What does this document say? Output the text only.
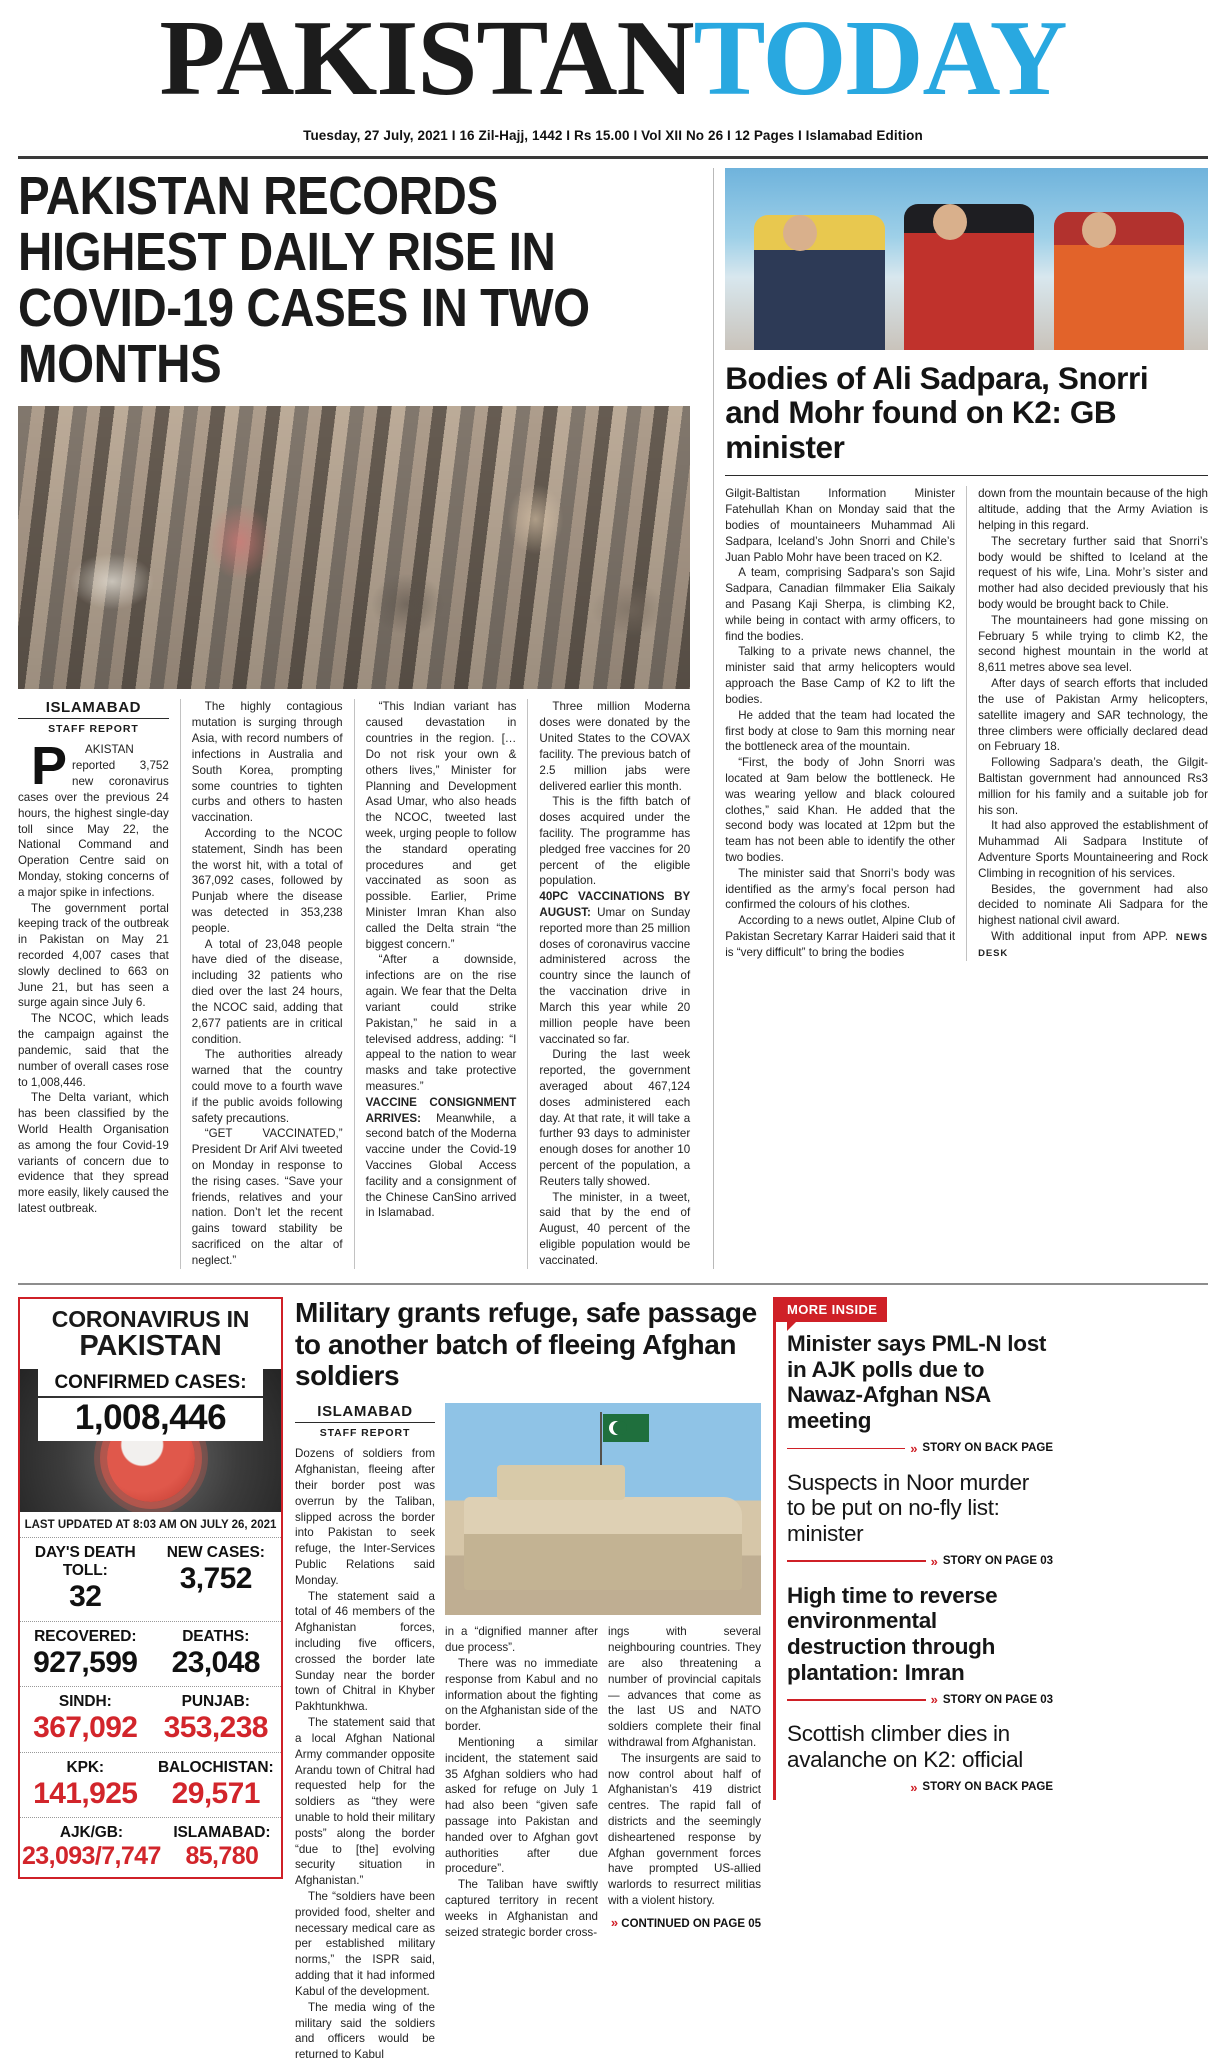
PAKISTANTODAY
Tuesday, 27 July, 2021 I 16 Zil-Hajj, 1442 I Rs 15.00 I Vol XII No 26 I 12 Pages I Islamabad Edition
PAKISTAN RECORDS HIGHEST DAILY RISE IN COVID-19 CASES IN TWO MONTHS
ISLAMABAD
STAFF REPORT

PAKISTAN reported 3,752 new coronavirus cases over the previous 24 hours, the highest single-day toll since May 22, the National Command and Operation Centre said on Monday, stoking concerns of a major spike in infections.

The government portal keeping track of the outbreak in Pakistan on May 21 recorded 4,007 cases that slowly declined to 663 on June 21, but has seen a surge again since July 6.

The NCOC, which leads the campaign against the pandemic, said that the number of overall cases rose to 1,008,446.

The Delta variant, which has been classified by the World Health Organisation as among the four Covid-19 variants of concern due to evidence that they spread more easily, likely caused the latest outbreak.

The highly contagious mutation is surging through Asia, with record numbers of infections in Australia and South Korea, prompting some countries to tighten curbs and others to hasten vaccination.

According to the NCOC statement, Sindh has been the worst hit, with a total of 367,092 cases, followed by Punjab where the disease was detected in 353,238 people.

A total of 23,048 people have died of the disease, including 32 patients who died over the last 24 hours, the NCOC said, adding that 2,677 patients are in critical condition.

The authorities already warned that the country could move to a fourth wave if the public avoids following safety precautions.

“GET VACCINATED,” President Dr Arif Alvi tweeted on Monday in response to the rising cases. “Save your friends, relatives and your nation. Don’t let the recent gains toward stability be sacrificed on the altar of neglect.”

“This Indian variant has caused devastation in countries in the region. [… Do not risk your own & others lives,” Minister for Planning and Development Asad Umar, who also heads the NCOC, tweeted last week, urging people to follow the standard operating procedures and get vaccinated as soon as possible. Earlier, Prime Minister Imran Khan also called the Delta strain “the biggest concern.”

“After a downside, infections are on the rise again. We fear that the Delta variant could strike Pakistan,” he said in a televised address, adding: “I appeal to the nation to wear masks and take protective measures.”

VACCINE CONSIGNMENT ARRIVES: Meanwhile, a second batch of the Moderna vaccine under the Covid-19 Vaccines Global Access facility and a consignment of the Chinese CanSino arrived in Islamabad.

Three million Moderna doses were donated by the United States to the COVAX facility. The previous batch of 2.5 million jabs were delivered earlier this month.

This is the fifth batch of doses acquired under the facility. The programme has pledged free vaccines for 20 percent of the eligible population.

40PC VACCINATIONS BY AUGUST: Umar on Sunday reported more than 25 million doses of coronavirus vaccine administered across the country since the launch of the vaccination drive in March this year while 20 million people have been vaccinated so far.

During the last week reported, the government averaged about 467,124 doses administered each day. At that rate, it will take a further 93 days to administer enough doses for another 10 percent of the population, a Reuters tally showed.

The minister, in a tweet, said that by the end of August, 40 percent of the eligible population would be vaccinated.

Bodies of Ali Sadpara, Snorri and Mohr found on K2: GB minister

Gilgit-Baltistan Information Minister Fatehullah Khan on Monday said that the bodies of mountaineers Muhammad Ali Sadpara, Iceland’s John Snorri and Chile’s Juan Pablo Mohr have been traced on K2.

A team, comprising Sadpara’s son Sajid Sadpara, Canadian filmmaker Elia Saikaly and Pasang Kaji Sherpa, is climbing K2, while being in contact with army officers, to find the bodies.

Talking to a private news channel, the minister said that army helicopters would approach the Base Camp of K2 to lift the bodies.

He added that the team had located the first body at close to 9am this morning near the bottleneck area of the mountain.

“First, the body of John Snorri was located at 9am below the bottleneck. He was wearing yellow and black coloured clothes,” said Khan. He added that the second body was located at 12pm but the team has not been able to identify the other two bodies.

The minister said that Snorri’s body was identified as the army’s focal person had confirmed the colours of his clothes.

According to a news outlet, Alpine Club of Pakistan Secretary Karrar Haideri said that it is “very difficult” to bring the bodies

down from the mountain because of the high altitude, adding that the Army Aviation is helping in this regard.

The secretary further said that Snorri’s body would be shifted to Iceland at the request of his wife, Lina. Mohr’s sister and mother had also decided previously that his body would be brought back to Chile.

The mountaineers had gone missing on February 5 while trying to climb K2, the second highest mountain in the world at 8,611 metres above sea level.

After days of search efforts that included the use of Pakistan Army helicopters, satellite imagery and SAR technology, the three climbers were officially declared dead on February 18.

Following Sadpara’s death, the Gilgit-Baltistan government had announced Rs3 million for his family and a suitable job for his son.

It had also approved the establishment of Muhammad Ali Sadpara Institute of Adventure Sports Mountaineering and Rock Climbing in recognition of his services.

Besides, the government had also decided to nominate Ali Sadpara for the highest national civil award.

With additional input from APP. NEWS DESK

CORONAVIRUS IN
PAKISTAN
CONFIRMED CASES:
1,008,446
LAST UPDATED AT 8:03 AM ON JULY 26, 2021
DAY'S DEATH TOLL:
32
NEW CASES:
3,752
RECOVERED:
927,599
DEATHS:
23,048
SINDH:
367,092
PUNJAB:
353,238
KPK:
141,925
BALOCHISTAN:
29,571
AJK/GB:
23,093/7,747
ISLAMABAD:
85,780
Military grants refuge, safe passage to another batch of fleeing Afghan soldiers
ISLAMABAD
STAFF REPORT

Dozens of soldiers from Afghanistan, fleeing after their border post was overrun by the Taliban, slipped across the border into Pakistan to seek refuge, the Inter-Services Public Relations said Monday.

The statement said a total of 46 members of the Afghanistan forces, including five officers, crossed the border late Sunday near the border town of Chitral in Khyber Pakhtunkhwa.

The statement said that a local Afghan National Army commander opposite Arandu town of Chitral had requested help for the soldiers as “they were unable to hold their military posts” along the border “due to [the] evolving security situation in Afghanistan.”

The “soldiers have been provided food, shelter and necessary medical care as per established military norms,” the ISPR said, adding that it had informed Kabul of the development.

The media wing of the military said the soldiers and officers would be returned to Kabul

in a “dignified manner after due process”.

There was no immediate response from Kabul and no information about the fighting on the Afghanistan side of the border.

Mentioning a similar incident, the statement said 35 Afghan soldiers who had asked for refuge on July 1 had also been “given safe passage into Pakistan and handed over to Afghan govt authorities after due procedure”.

The Taliban have swiftly captured territory in recent weeks in Afghanistan and seized strategic border cross-

ings with several neighbouring countries. They are also threatening a number of provincial capitals — advances that come as the last US and NATO soldiers complete their final withdrawal from Afghanistan.

The insurgents are said to now control about half of Afghanistan’s 419 district centres. The rapid fall of districts and the seemingly disheartened response by Afghan government forces have prompted US-allied warlords to resurrect militias with a violent history.

» CONTINUED ON PAGE 05
MORE INSIDE
Minister says PML-N lost in AJK polls due to Nawaz-Afghan NSA meeting
» STORY ON BACK PAGE
Suspects in Noor murder to be put on no-fly list: minister
» STORY ON PAGE 03
High time to reverse environmental destruction through plantation: Imran
» STORY ON PAGE 03
Scottish climber dies in avalanche on K2: official
» STORY ON BACK PAGE
